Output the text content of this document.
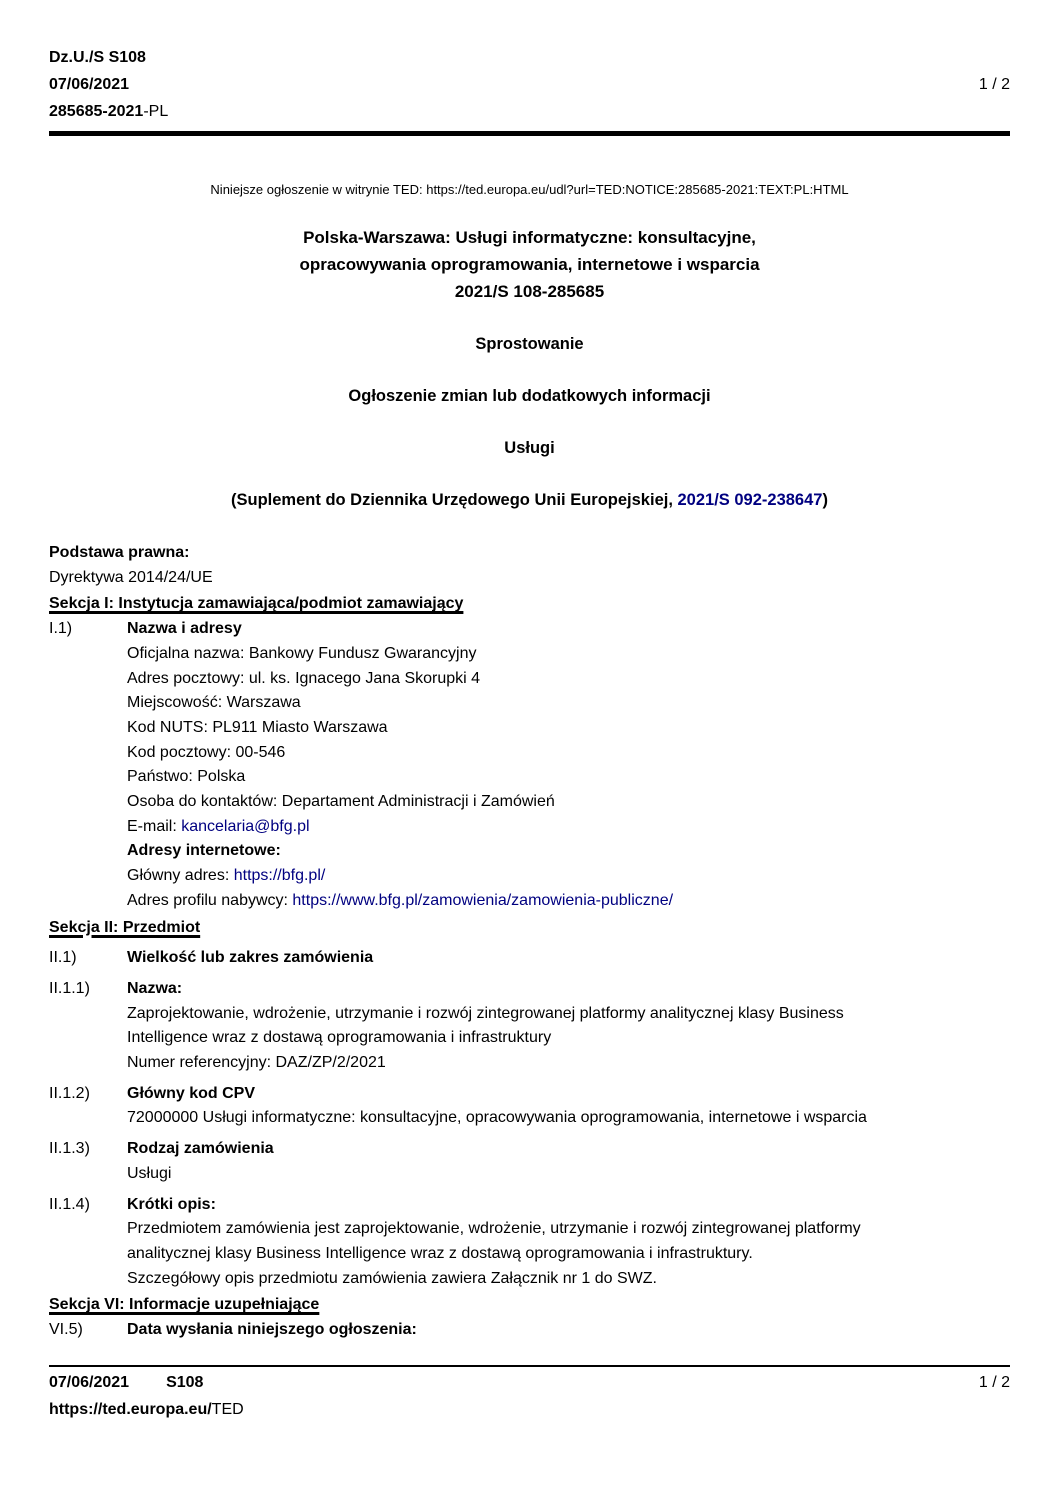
Dz.U./S S108
07/06/2021	1 / 2
285685-2021-PL

Niniejsze ogłoszenie w witrynie TED: https://ted.europa.eu/udl?url=TED:NOTICE:285685-2021:TEXT:PL:HTML

Polska-Warszawa: Usługi informatyczne: konsultacyjne,
opracowywania oprogramowania, internetowe i wsparcia
2021/S 108-285685

Sprostowanie

Ogłoszenie zmian lub dodatkowych informacji

Usługi

(Suplement do Dziennika Urzędowego Unii Europejskiej, 2021/S 092-238647)

Podstawa prawna:
Dyrektywa 2014/24/UE
Sekcja I: Instytucja zamawiająca/podmiot zamawiający
I.1)	Nazwa i adresy
Oficjalna nazwa: Bankowy Fundusz Gwarancyjny
Adres pocztowy: ul. ks. Ignacego Jana Skorupki 4
Miejscowość: Warszawa
Kod NUTS: PL911 Miasto Warszawa
Kod pocztowy: 00-546
Państwo: Polska
Osoba do kontaktów: Departament Administracji i Zamówień
E-mail: kancelaria@bfg.pl
Adresy internetowe:
Główny adres: https://bfg.pl/
Adres profilu nabywcy: https://www.bfg.pl/zamowienia/zamowienia-publiczne/
Sekcja II: Przedmiot
II.1)	Wielkość lub zakres zamówienia
II.1.1)	Nazwa:
Zaprojektowanie, wdrożenie, utrzymanie i rozwój zintegrowanej platformy analitycznej klasy Business
Intelligence wraz z dostawą oprogramowania i infrastruktury
Numer referencyjny: DAZ/ZP/2/2021
II.1.2)	Główny kod CPV
72000000 Usługi informatyczne: konsultacyjne, opracowywania oprogramowania, internetowe i wsparcia
II.1.3)	Rodzaj zamówienia
Usługi
II.1.4)	Krótki opis:
Przedmiotem zamówienia jest zaprojektowanie, wdrożenie, utrzymanie i rozwój zintegrowanej platformy
analitycznej klasy Business Intelligence wraz z dostawą oprogramowania i infrastruktury.
Szczegółowy opis przedmiotu zamówienia zawiera Załącznik nr 1 do SWZ.
Sekcja VI: Informacje uzupełniające
VI.5)	Data wysłania niniejszego ogłoszenia:
07/06/2021 S108	1 / 2
https://ted.europa.eu/TED
